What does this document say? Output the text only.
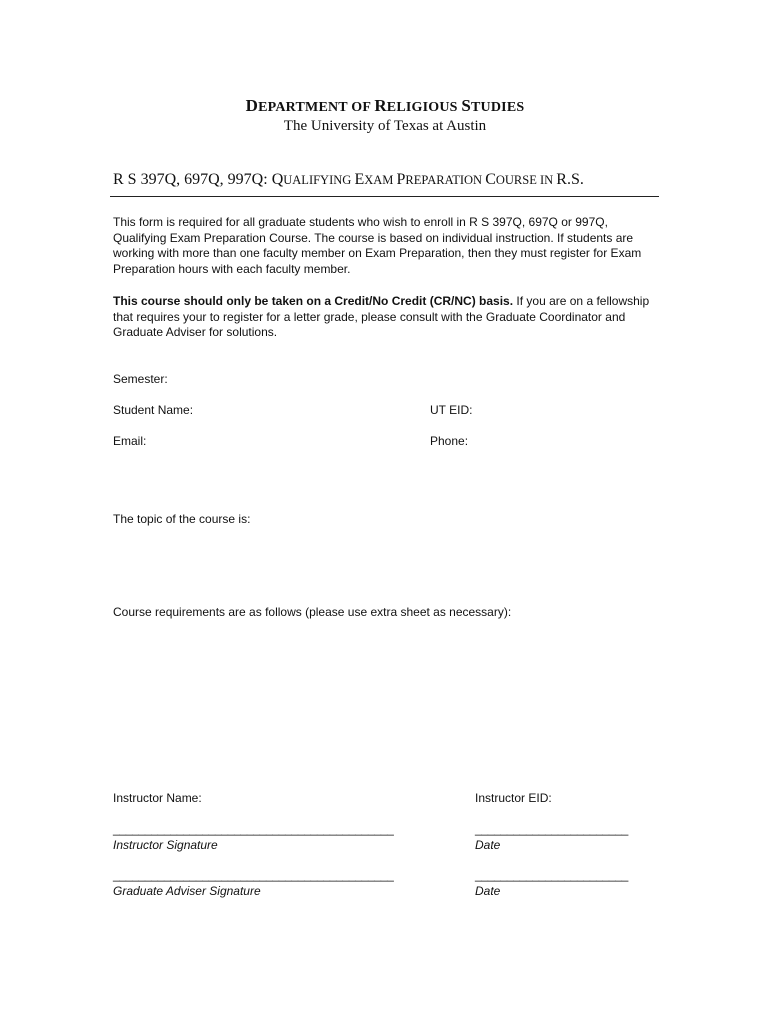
DEPARTMENT OF RELIGIOUS STUDIES
The University of Texas at Austin
R S 397Q, 697Q, 997Q: QUALIFYING EXAM PREPARATION COURSE IN R.S.
This form is required for all graduate students who wish to enroll in R S 397Q, 697Q or 997Q, Qualifying Exam Preparation Course. The course is based on individual instruction. If students are working with more than one faculty member on Exam Preparation, then they must register for Exam Preparation hours with each faculty member.
This course should only be taken on a Credit/No Credit (CR/NC) basis. If you are on a fellowship that requires your to register for a letter grade, please consult with the Graduate Coordinator and Graduate Adviser for solutions.
Semester:
Student Name:	UT EID:
Email:	Phone:
The topic of the course is:
Course requirements are as follows (please use extra sheet as necessary):
Instructor Name:	Instructor EID:
____________________________________________	________________________
Instructor Signature	Date
____________________________________________	________________________
Graduate Adviser Signature	Date
